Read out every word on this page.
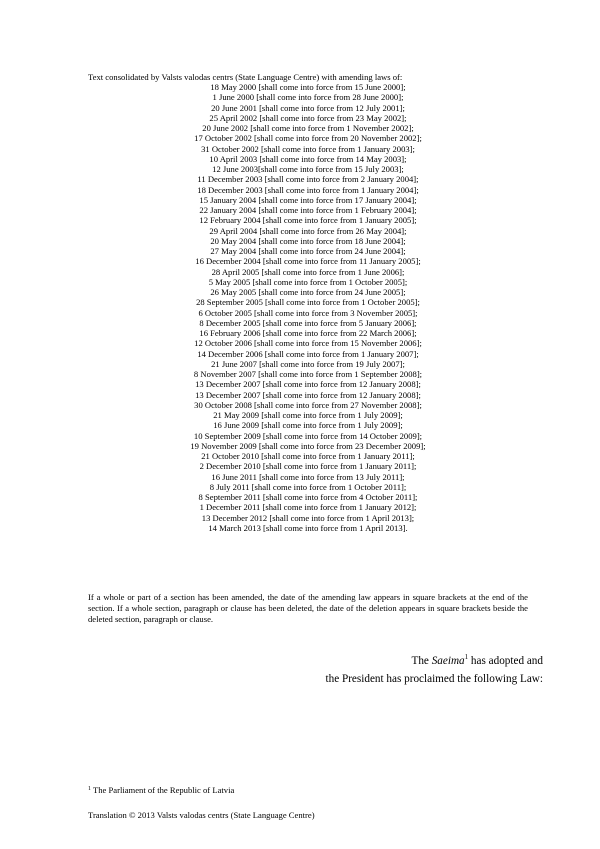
Text consolidated by Valsts valodas centrs (State Language Centre) with amending laws of:
18 May 2000 [shall come into force from 15 June 2000];
1 June 2000 [shall come into force from 28 June 2000];
20 June 2001 [shall come into force from 12 July 2001];
25 April 2002 [shall come into force from 23 May 2002];
20 June 2002 [shall come into force from 1 November 2002];
17 October 2002 [shall come into force from 20 November 2002];
31 October 2002 [shall come into force from 1 January 2003];
10 April 2003 [shall come into force from 14 May 2003];
12 June 2003[shall come into force from 15 July 2003];
11 December 2003 [shall come into force from 2 January 2004];
18 December 2003 [shall come into force from 1 January 2004];
15 January 2004 [shall come into force from 17 January 2004];
22 January 2004 [shall come into force from 1 February 2004];
12 February 2004 [shall come into force from 1 January 2005];
29 April 2004 [shall come into force from 26 May 2004];
20 May 2004 [shall come into force from 18 June 2004];
27 May 2004 [shall come into force from 24 June 2004];
16 December 2004 [shall come into force from 11 January 2005];
28 April 2005 [shall come into force from 1 June 2006];
5 May 2005 [shall come into force from 1 October 2005];
26 May 2005 [shall come into force from 24 June 2005];
28 September 2005 [shall come into force from 1 October 2005];
6 October 2005 [shall come into force from 3 November 2005];
8 December 2005 [shall come into force from 5 January 2006];
16 February 2006 [shall come into force from 22 March 2006];
12 October 2006 [shall come into force from 15 November 2006];
14 December 2006 [shall come into force from 1 January 2007];
21 June 2007 [shall come into force from 19 July 2007];
8 November 2007 [shall come into force from 1 September 2008];
13 December 2007 [shall come into force from 12 January 2008];
13 December 2007 [shall come into force from 12 January 2008];
30 October 2008 [shall come into force from 27 November 2008];
21 May 2009 [shall come into force from 1 July 2009];
16 June 2009 [shall come into force from 1 July 2009];
10 September 2009 [shall come into force from 14 October 2009];
19 November 2009 [shall come into force from 23 December 2009];
21 October 2010 [shall come into force from 1 January 2011];
2 December 2010 [shall come into force from 1 January 2011];
16 June 2011 [shall come into force from 13 July 2011];
8 July 2011 [shall come into force from 1 October 2011];
8 September 2011 [shall come into force from 4 October 2011];
1 December 2011 [shall come into force from 1 January 2012];
13 December 2012 [shall come into force from 1 April 2013];
14 March 2013 [shall come into force from 1 April 2013].
If a whole or part of a section has been amended, the date of the amending law appears in square brackets at the end of the section. If a whole section, paragraph or clause has been deleted, the date of the deletion appears in square brackets beside the deleted section, paragraph or clause.
The Saeima$^1$ has adopted and
the President has proclaimed the following Law:
$^1$ The Parliament of the Republic of Latvia
Translation © 2013 Valsts valodas centrs (State Language Centre)
